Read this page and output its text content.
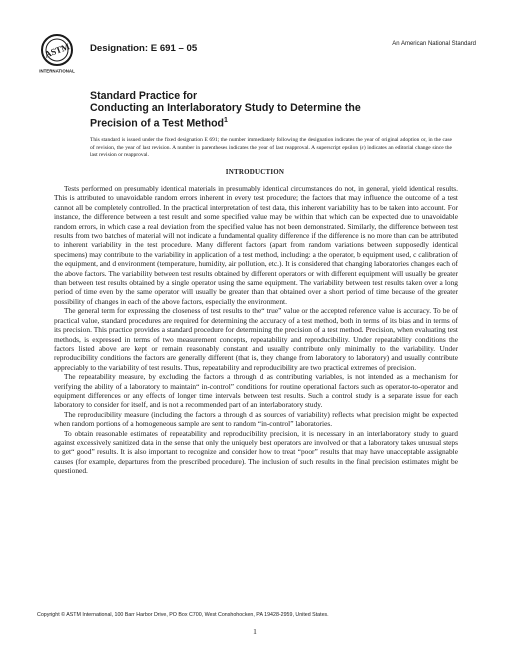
ASTM
INTERNATIONAL
Designation: E 691 – 05	An American National Standard
Standard Practice for
Conducting an Interlaboratory Study to Determine the
Precision of a Test Method$^1$
This standard is issued under the fixed designation E 691; the number immediately following the designation indicates the year of original adoption or, in the case of revision, the year of last revision. A number in parentheses indicates the year of last reapproval. A superscript epsilon (ε) indicates an editorial change since the last revision or reapproval.
INTRODUCTION

Tests performed on presumably identical materials in presumably identical circumstances do not, in general, yield identical results. This is attributed to unavoidable random errors inherent in every test procedure; the factors that may influence the outcome of a test cannot all be completely controlled. In the practical interpretation of test data, this inherent variability has to be taken into account. For instance, the difference between a test result and some specified value may be within that which can be expected due to unavoidable random errors, in which case a real deviation from the specified value has not been demonstrated. Similarly, the difference between test results from two batches of material will not indicate a fundamental quality difference if the difference is no more than can be attributed to inherent variability in the test procedure. Many different factors (apart from random variations between supposedly identical specimens) may contribute to the variability in application of a test method, including: a the operator, b equipment used, c calibration of the equipment, and d environment (temperature, humidity, air pollution, etc.). It is considered that changing laboratories changes each of the above factors. The variability between test results obtained by different operators or with different equipment will usually be greater than between test results obtained by a single operator using the same equipment. The variability between test results taken over a long period of time even by the same operator will usually be greater than that obtained over a short period of time because of the greater possibility of changes in each of the above factors, especially the environment.

The general term for expressing the closeness of test results to the“ true” value or the accepted reference value is accuracy. To be of practical value, standard procedures are required for determining the accuracy of a test method, both in terms of its bias and in terms of its precision. This practice provides a standard procedure for determining the precision of a test method. Precision, when evaluating test methods, is expressed in terms of two measurement concepts, repeatability and reproducibility. Under repeatability conditions the factors listed above are kept or remain reasonably constant and usually contribute only minimally to the variability. Under reproducibility conditions the factors are generally different (that is, they change from laboratory to laboratory) and usually contribute appreciably to the variability of test results. Thus, repeatability and reproducibility are two practical extremes of precision.

The repeatability measure, by excluding the factors a through d as contributing variables, is not intended as a mechanism for verifying the ability of a laboratory to maintain“ in-control” conditions for routine operational factors such as operator-to-operator and equipment differences or any effects of longer time intervals between test results. Such a control study is a separate issue for each laboratory to consider for itself, and is not a recommended part of an interlaboratory study.

The reproducibility measure (including the factors a through d as sources of variability) reflects what precision might be expected when random portions of a homogeneous sample are sent to random “in-control” laboratories.

To obtain reasonable estimates of repeatability and reproducibility precision, it is necessary in an interlaboratory study to guard against excessively sanitized data in the sense that only the uniquely best operators are involved or that a laboratory takes unusual steps to get“ good” results. It is also important to recognize and consider how to treat “poor” results that may have unacceptable assignable causes (for example, departures from the prescribed procedure). The inclusion of such results in the final precision estimates might be questioned.

Copyright © ASTM International, 100 Barr Harbor Drive, PO Box C700, West Conshohocken, PA 19428-2959, United States.
1
